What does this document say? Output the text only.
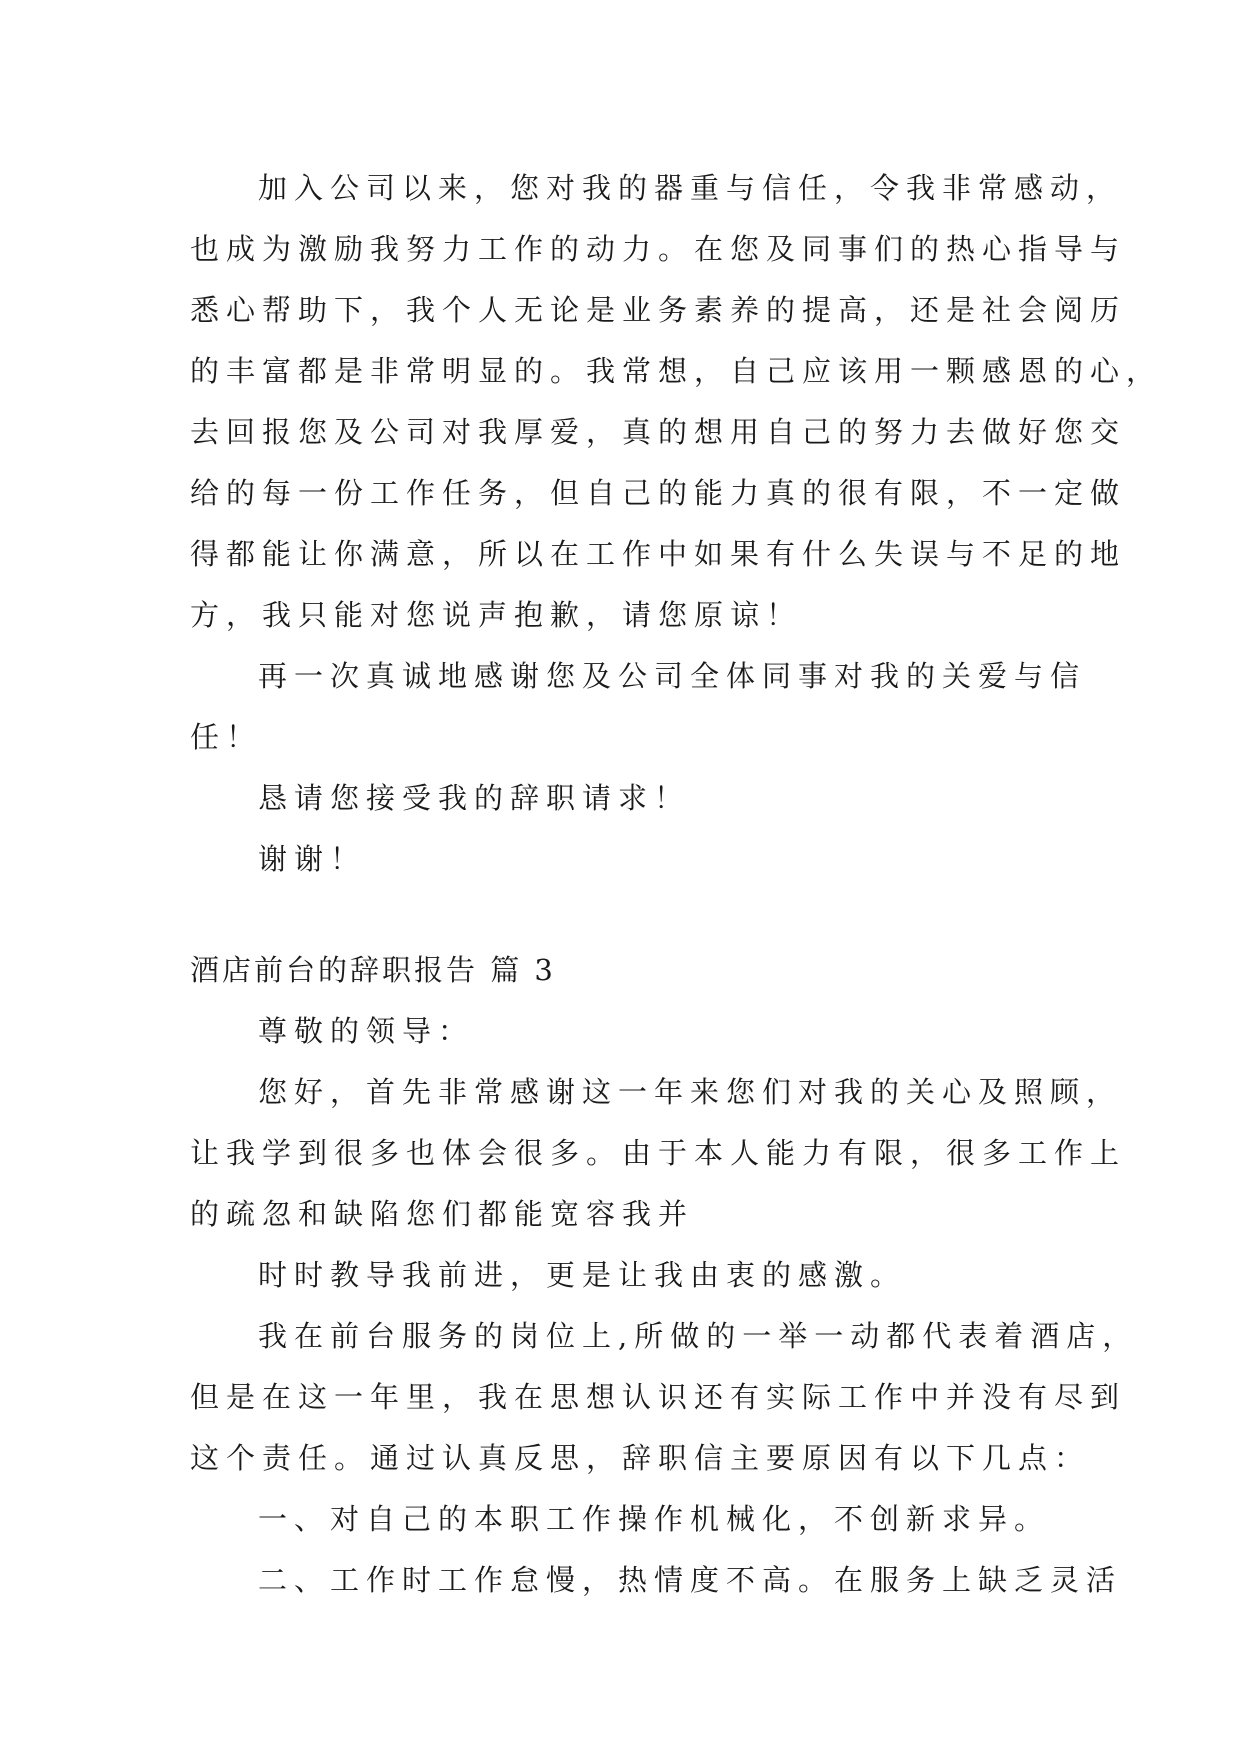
加入公司以来，您对我的器重与信任，令我非常感动，
也成为激励我努力工作的动力。在您及同事们的热心指导与
悉心帮助下，我个人无论是业务素养的提高，还是社会阅历
的丰富都是非常明显的。我常想，自己应该用一颗感恩的心，
去回报您及公司对我厚爱，真的想用自己的努力去做好您交
给的每一份工作任务，但自己的能力真的很有限，不一定做
得都能让你满意，所以在工作中如果有什么失误与不足的地
方，我只能对您说声抱歉，请您原谅！
再一次真诚地感谢您及公司全体同事对我的关爱与信
任！
恳请您接受我的辞职请求！
谢谢！
酒店前台的辞职报告 篇 3
尊敬的领导：
您好，首先非常感谢这一年来您们对我的关心及照顾，
让我学到很多也体会很多。由于本人能力有限，很多工作上
的疏忽和缺陷您们都能宽容我并
时时教导我前进，更是让我由衷的感激。
我在前台服务的岗位上,所做的一举一动都代表着酒店，
但是在这一年里，我在思想认识还有实际工作中并没有尽到
这个责任。通过认真反思，辞职信主要原因有以下几点：
一、对自己的本职工作操作机械化，不创新求异。
二、工作时工作怠慢，热情度不高。在服务上缺乏灵活
